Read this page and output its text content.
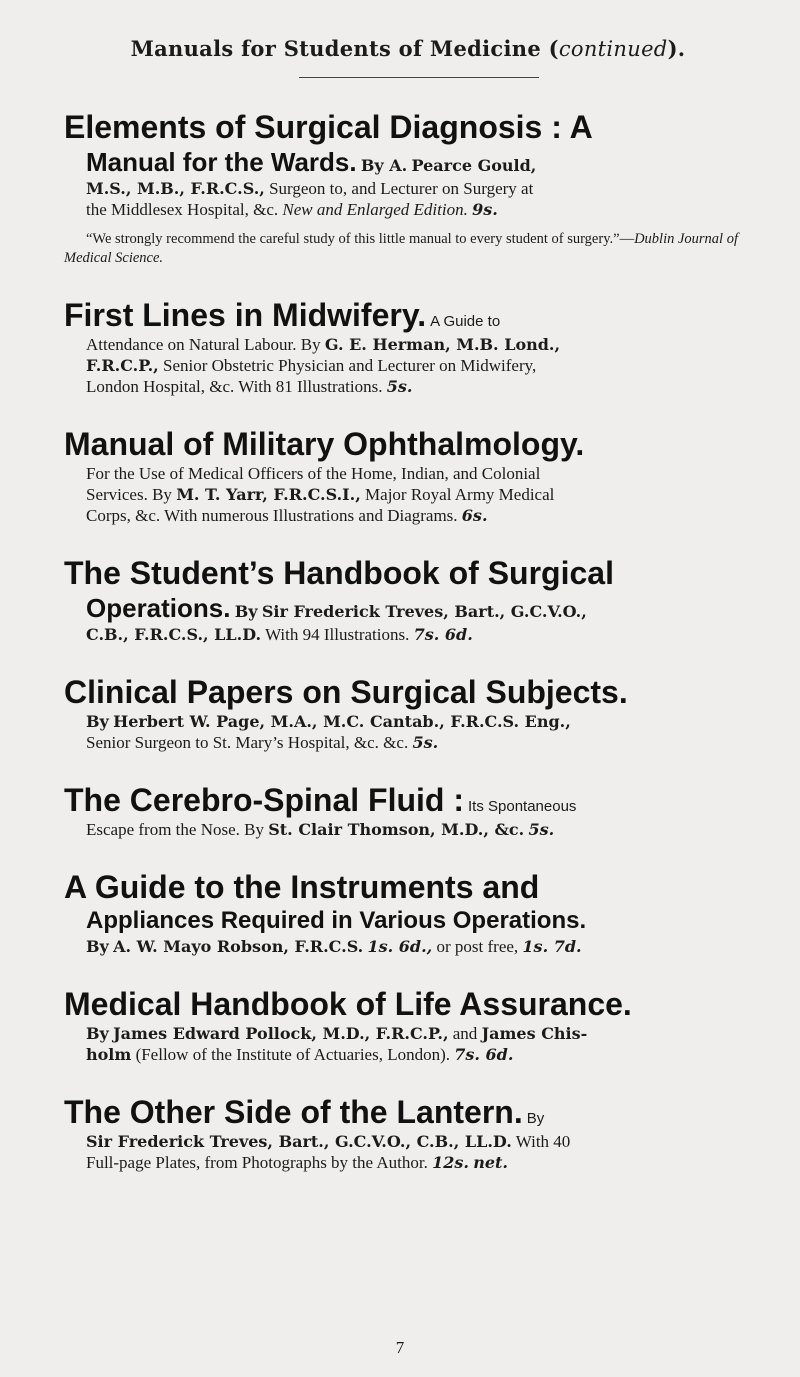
Manuals for Students of Medicine (continued).
Elements of Surgical Diagnosis : A
Manual for the Wards. By A. Pearce Gould,
M.S., M.B., F.R.C.S., Surgeon to, and Lecturer on Surgery at
the Middlesex Hospital, &c. New and Enlarged Edition. 9s.
“We strongly recommend the careful study of this little manual to every student of surgery.”—Dublin Journal of Medical Science.
First Lines in Midwifery. A Guide to
Attendance on Natural Labour. By G. E. Herman, M.B. Lond.,
F.R.C.P., Senior Obstetric Physician and Lecturer on Midwifery,
London Hospital, &c. With 81 Illustrations. 5s.
Manual of Military Ophthalmology.
For the Use of Medical Officers of the Home, Indian, and Colonial
Services. By M. T. Yarr, F.R.C.S.I., Major Royal Army Medical
Corps, &c. With numerous Illustrations and Diagrams. 6s.
The Student’s Handbook of Surgical
Operations. By Sir Frederick Treves, Bart., G.C.V.O.,
C.B., F.R.C.S., LL.D. With 94 Illustrations. 7s. 6d.
Clinical Papers on Surgical Subjects.
By Herbert W. Page, M.A., M.C. Cantab., F.R.C.S. Eng.,
Senior Surgeon to St. Mary’s Hospital, &c. &c. 5s.
The Cerebro-Spinal Fluid : Its Spontaneous
Escape from the Nose. By St. Clair Thomson, M.D., &c. 5s.
A Guide to the Instruments and
Appliances Required in Various Operations.
By A. W. Mayo Robson, F.R.C.S. 1s. 6d., or post free, 1s. 7d.
Medical Handbook of Life Assurance.
By James Edward Pollock, M.D., F.R.C.P., and James Chis-
holm (Fellow of the Institute of Actuaries, London). 7s. 6d.
The Other Side of the Lantern. By
Sir Frederick Treves, Bart., G.C.V.O., C.B., LL.D. With 40
Full-page Plates, from Photographs by the Author. 12s. net.
7
